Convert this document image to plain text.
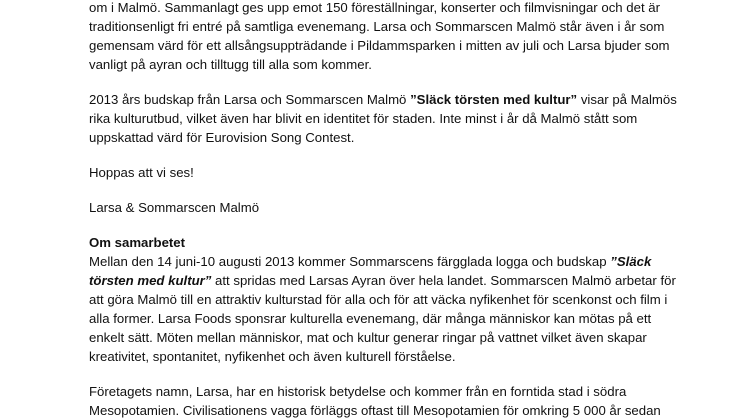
om i Malmö. Sammanlagt ges upp emot 150 föreställningar, konserter och filmvisningar och det är
traditionsenligt fri entré på samtliga evenemang. Larsa och Sommarscen Malmö står även i år som
gemensam värd för ett allsångsuppträdande i Pildammsparken i mitten av juli och Larsa bjuder som
vanligt på ayran och tilltugg till alla som kommer.
2013 års budskap från Larsa och Sommarscen Malmö ”Släck törsten med kultur” visar på Malmös
rika kulturutbud, vilket även har blivit en identitet för staden. Inte minst i år då Malmö stått som
uppskattad värd för Eurovision Song Contest.
Hoppas att vi ses!
Larsa & Sommarscen Malmö
Om samarbetet
Mellan den 14 juni-10 augusti 2013 kommer Sommarscens färgglada logga och budskap ”Släck
törsten med kultur” att spridas med Larsas Ayran över hela landet. Sommarscen Malmö arbetar för
att göra Malmö till en attraktiv kulturstad för alla och för att väcka nyfikenhet för scenkonst och film i
alla former. Larsa Foods sponsrar kulturella evenemang, där många människor kan mötas på ett
enkelt sätt. Möten mellan människor, mat och kultur generar ringar på vattnet vilket även skapar
kreativitet, spontanitet, nyfikenhet och även kulturell förståelse.
Företagets namn, Larsa, har en historisk betydelse och kommer från en forntida stad i södra
Mesopotamien. Civilisationens vagga förläggs oftast till Mesopotamien för omkring 5 000 år sedan
